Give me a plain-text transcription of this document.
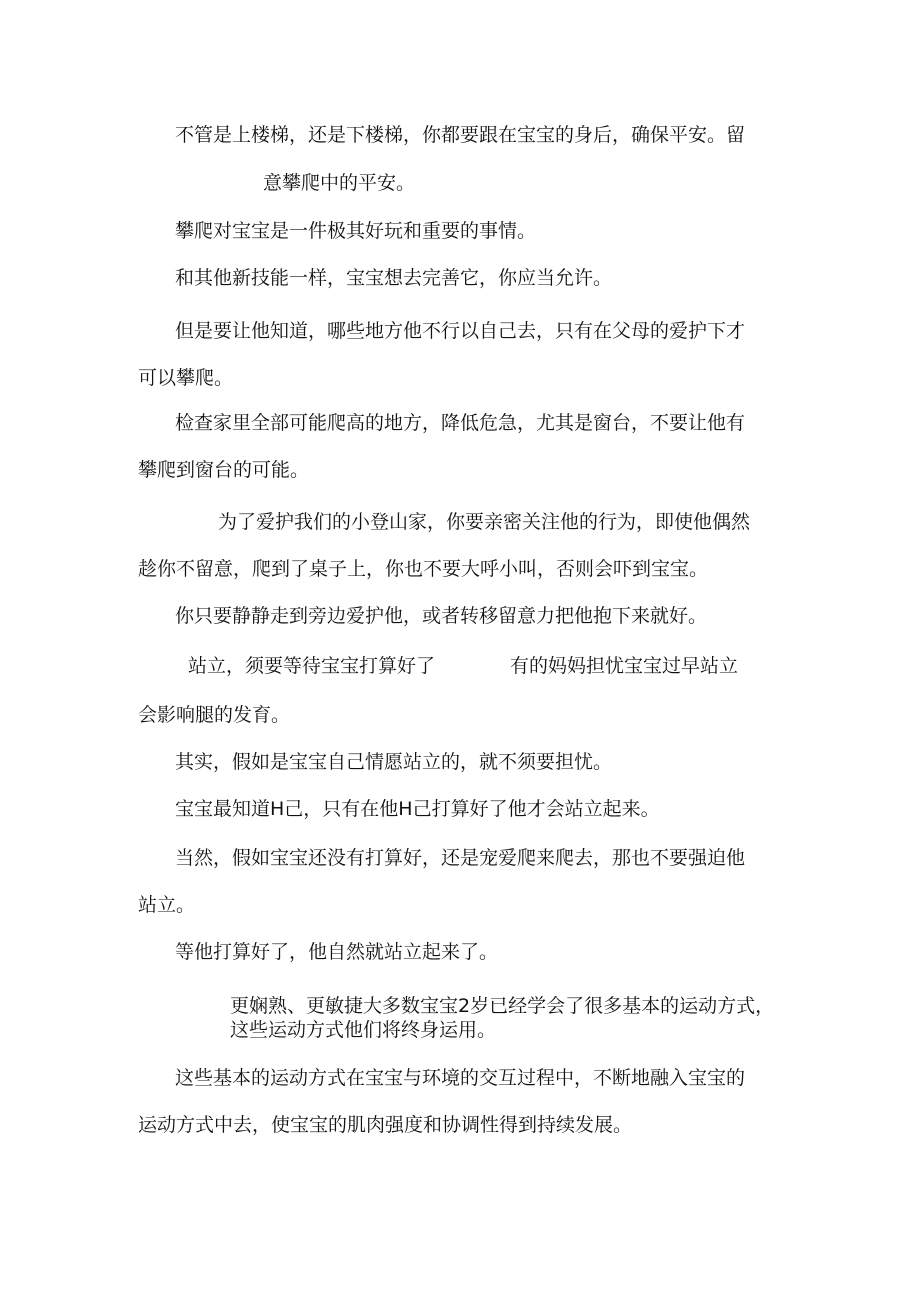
不管是上楼梯，还是下楼梯，你都要跟在宝宝的身后，确保平安。留
意攀爬中的平安。
攀爬对宝宝是一件极其好玩和重要的事情。
和其他新技能一样，宝宝想去完善它，你应当允许。
但是要让他知道，哪些地方他不行以自己去，只有在父母的爱护下才
可以攀爬。
检查家里全部可能爬高的地方，降低危急，尤其是窗台，不要让他有
攀爬到窗台的可能。
为了爱护我们的小登山家，你要亲密关注他的行为，即使他偶然
趁你不留意，爬到了桌子上，你也不要大呼小叫，否则会吓到宝宝。
你只要静静走到旁边爱护他，或者转移留意力把他抱下来就好。
站立，须要等待宝宝打算好了	有的妈妈担忧宝宝过早站立
会影响腿的发育。
其实，假如是宝宝自己情愿站立的，就不须要担忧。
宝宝最知道H己，只有在他H己打算好了他才会站立起来。
当然，假如宝宝还没有打算好，还是宠爱爬来爬去，那也不要强迫他
站立。
等他打算好了，他自然就站立起来了。
更娴熟、更敏捷大多数宝宝2岁已经学会了很多基本的运动方式，
这些运动方式他们将终身运用。
这些基本的运动方式在宝宝与环境的交互过程中，不断地融入宝宝的
运动方式中去，使宝宝的肌肉强度和协调性得到持续发展。
